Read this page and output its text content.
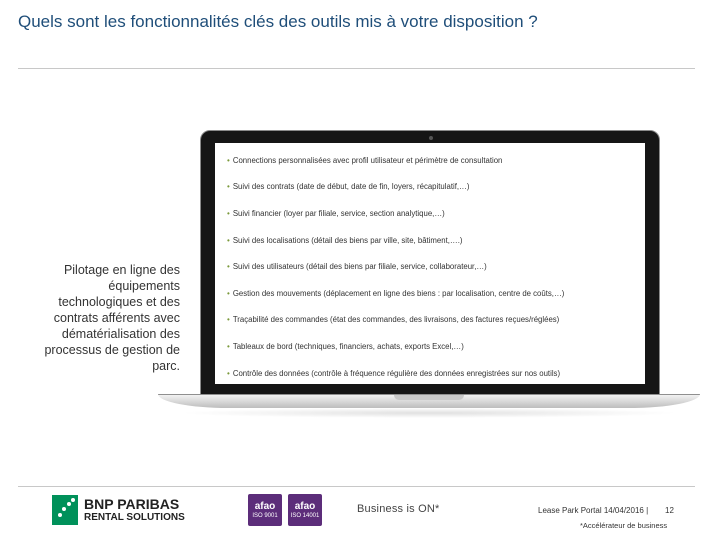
Quels sont les fonctionnalités clés des outils mis à votre disposition ?
Pilotage en ligne des équipements technologiques et des contrats afférents avec dématérialisation des processus de gestion de parc.
• Connections personnalisées avec profil utilisateur et périmètre de consultation
• Suivi des contrats (date de début, date de fin, loyers, récapitulatif,…)
• Suivi financier (loyer par filiale, service, section analytique,…)
• Suivi des localisations (détail des biens par ville, site, bâtiment,….)
• Suivi des utilisateurs (détail des biens par filiale, service, collaborateur,…)
• Gestion des mouvements (déplacement en ligne des biens : par localisation, centre de coûts,…)
• Traçabilité des commandes (état des commandes, des livraisons, des factures reçues/réglées)
• Tableaux de bord (techniques, financiers, achats, exports Excel,…)
• Contrôle des données (contrôle à fréquence régulière des données enregistrées sur nos outils)
BNP PARIBAS
RENTAL SOLUTIONS
afao
ISO 9001
afao
ISO 14001
Business is ON*	Lease Park Portal 14/04/2016 | 12
*Accélérateur de business
